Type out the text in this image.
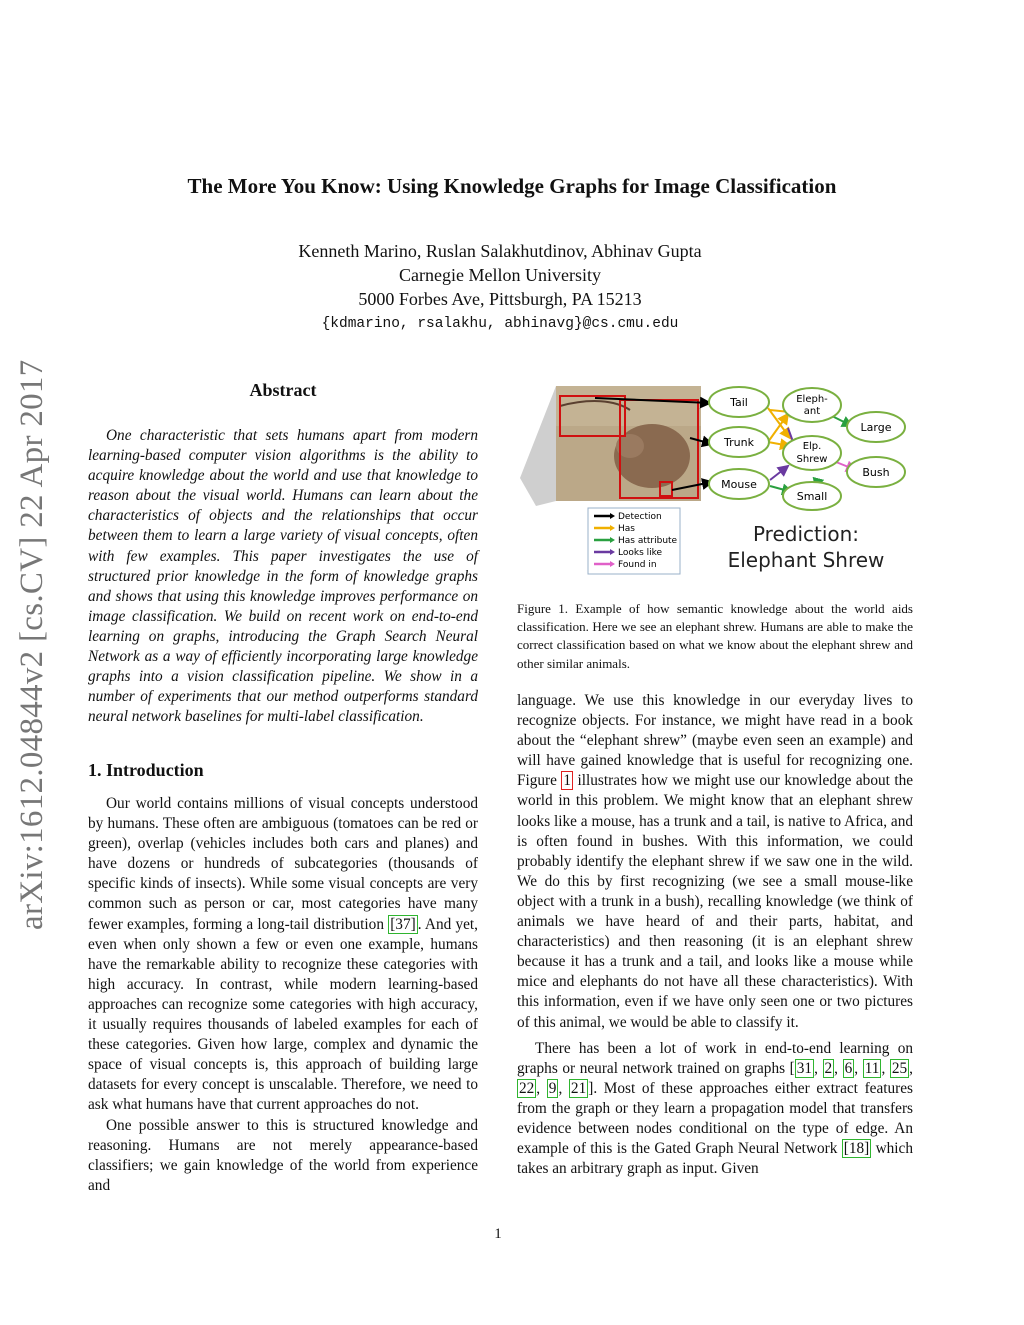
The More You Know: Using Knowledge Graphs for Image Classification
Kenneth Marino, Ruslan Salakhutdinov, Abhinav Gupta
Carnegie Mellon University
5000 Forbes Ave, Pittsburgh, PA 15213
{kdmarino, rsalakhu, abhinavg}@cs.cmu.edu
arXiv:1612.04844v2 [cs.CV] 22 Apr 2017	Abstract

One characteristic that sets humans apart from modern learning-based computer vision algorithms is the ability to acquire knowledge about the world and use that knowledge to reason about the visual world. Humans can learn about the characteristics of objects and the relationships that occur between them to learn a large variety of visual concepts, often with few examples. This paper investigates the use of structured prior knowledge in the form of knowledge graphs and shows that using this knowledge improves performance on image classification. We build on recent work on end-to-end learning on graphs, introducing the Graph Search Neural Network as a way of efficiently incorporating large knowledge graphs into a vision classification pipeline. We show in a number of experiments that our method outperforms standard neural network baselines for multi-label classification.

1. Introduction

Our world contains millions of visual concepts understood by humans. These often are ambiguous (tomatoes can be red or green), overlap (vehicles includes both cars and planes) and have dozens or hundreds of subcategories (thousands of specific kinds of insects). While some visual concepts are very common such as person or car, most categories have many fewer examples, forming a long-tail distribution [37] . And yet, even when only shown a few or even one example, humans have the remarkable ability to recognize these categories with high accuracy. In contrast, while modern learning-based approaches can recognize some categories with high accuracy, it usually requires thousands of labeled examples for each of these categories. Given how large, complex and dynamic the space of visual concepts is, this approach of building large datasets for every concept is unscalable. Therefore, we need to ask what humans have that current approaches do not.

One possible answer to this is structured knowledge and reasoning. Humans are not merely appearance-based classifiers; we gain knowledge of the world from experience and

Tail
Trunk
Mouse
Eleph-
ant
Elp.
Shrew
Small
Large
Bush
Detection
Has
Has attribute
Looks like
Found in
Prediction:
Elephant Shrew
Figure 1. Example of how semantic knowledge about the world aids classification. Here we see an elephant shrew. Humans are able to make the correct classification based on what we know about the elephant shrew and other similar animals.

language. We use this knowledge in our everyday lives to recognize objects. For instance, we might have read in a book about the “elephant shrew” (maybe even seen an example) and will have gained knowledge that is useful for recognizing one. Figure 1 illustrates how we might use our knowledge about the world in this problem. We might know that an elephant shrew looks like a mouse, has a trunk and a tail, is native to Africa, and is often found in bushes. With this information, we could probably identify the elephant shrew if we saw one in the wild. We do this by first recognizing (we see a small mouse-like object with a trunk in a bush), recalling knowledge (we think of animals we have heard of and their parts, habitat, and characteristics) and then reasoning (it is an elephant shrew because it has a trunk and a tail, and looks like a mouse while mice and elephants do not have all these characteristics). With this information, even if we have only seen one or two pictures of this animal, we would be able to classify it.

There has been a lot of work in end-to-end learning on graphs or neural network trained on graphs [ 31 , 2 , 6 , 11 , 25 , 22 , 9 , 21 ]. Most of these approaches either extract features from the graph or they learn a propagation model that transfers evidence between nodes conditional on the type of edge. An example of this is the Gated Graph Neural Network [18] which takes an arbitrary graph as input. Given

1
